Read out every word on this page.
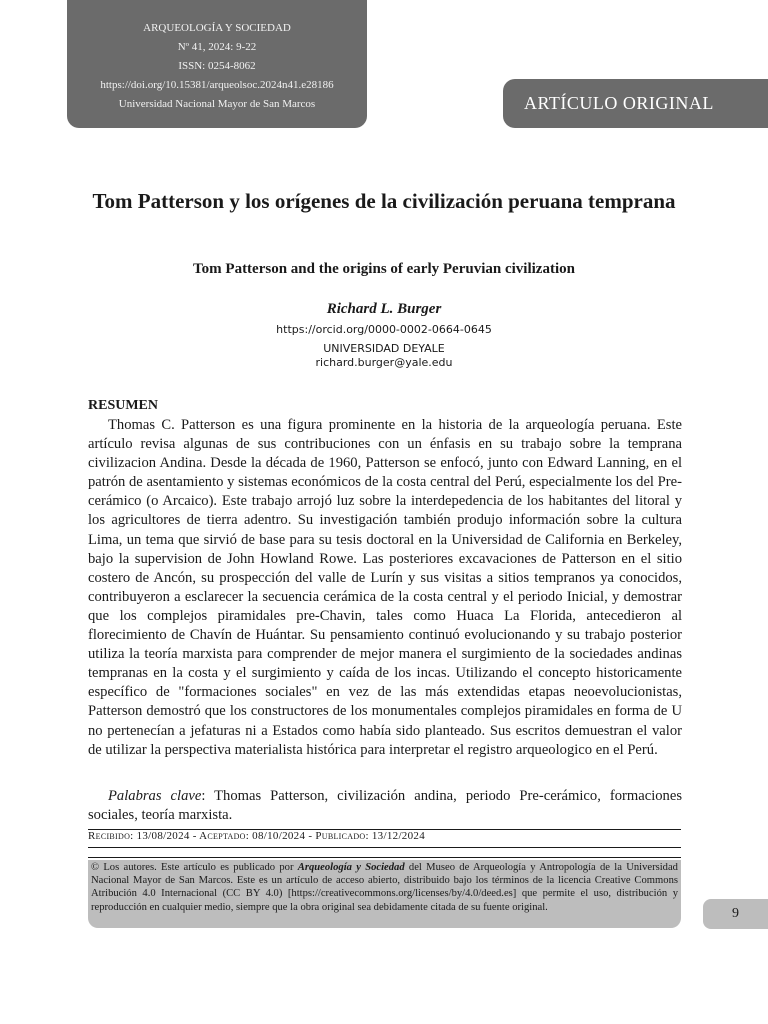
ARQUEOLOGÍA Y SOCIEDAD
Nº 41, 2024: 9-22
ISSN: 0254-8062
https://doi.org/10.15381/arqueolsoc.2024n41.e28186
Universidad Nacional Mayor de San Marcos	ARTÍCULO ORIGINAL
Tom Patterson y los orígenes de la civilización peruana temprana
Tom Patterson and the origins of early Peruvian civilization
Richard L. Burger
https://orcid.org/0000-0002-0664-0645
UNIVERSIDAD DEYALE
richard.burger@yale.edu
RESUMEN

Thomas C. Patterson es una figura prominente en la historia de la arqueología peruana. Este artículo revisa algunas de sus contribuciones con un énfasis en su trabajo sobre la temprana civilizacion Andina. Desde la década de 1960, Patterson se enfocó, junto con Edward Lanning, en el patrón de asentamiento y sistemas económicos de la costa central del Perú, especialmente los del Pre-cerámico (o Arcaico). Este trabajo arrojó luz sobre la interdepedencia de los habitantes del litoral y los agricultores de tierra adentro. Su investigación también produjo información sobre la cultura Lima, un tema que sirvió de base para su tesis doctoral en la Universidad de California en Berkeley, bajo la supervision de John Howland Rowe. Las posteriores excavaciones de Patterson en el sitio costero de Ancón, su prospección del valle de Lurín y sus visitas a sitios tempranos ya conocidos, contribuyeron a esclarecer la secuencia cerámica de la costa central y el periodo Inicial, y demostrar que los complejos piramidales pre-Chavin, tales como Huaca La Florida, antecedieron al florecimiento de Chavín de Huántar. Su pensamiento continuó evolucionando y su trabajo posterior utiliza la teoría marxista para comprender de mejor manera el surgimiento de la sociedades andinas tempranas en la costa y el surgimiento y caída de los incas. Utilizando el concepto historicamente específico de "formaciones sociales" en vez de las más extendidas etapas neoevolucionistas, Patterson demostró que los constructores de los monumentales complejos piramidales en forma de U no pertenecían a jefaturas ni a Estados como había sido planteado. Sus escritos demuestran el valor de utilizar la perspectiva materialista histórica para interpretar el registro arqueologico en el Perú.

Palabras clave: Thomas Patterson, civilización andina, periodo Pre-cerámico, formaciones sociales, teoría marxista.

Recibido: 13/08/2024 - Aceptado: 08/10/2024 - Publicado: 13/12/2024
© Los autores. Este artículo es publicado por Arqueología y Sociedad del Museo de Arqueología y Antropología de la Universidad Nacional Mayor de San Marcos. Este es un artículo de acceso abierto, distribuido bajo los términos de la licencia Creative Commons Atribución 4.0 Internacional (CC BY 4.0) [https://creativecommons.org/licenses/by/4.0/deed.es] que permite el uso, distribución y reproducción en cualquier medio, siempre que la obra original sea debidamente citada de su fuente original.	9
